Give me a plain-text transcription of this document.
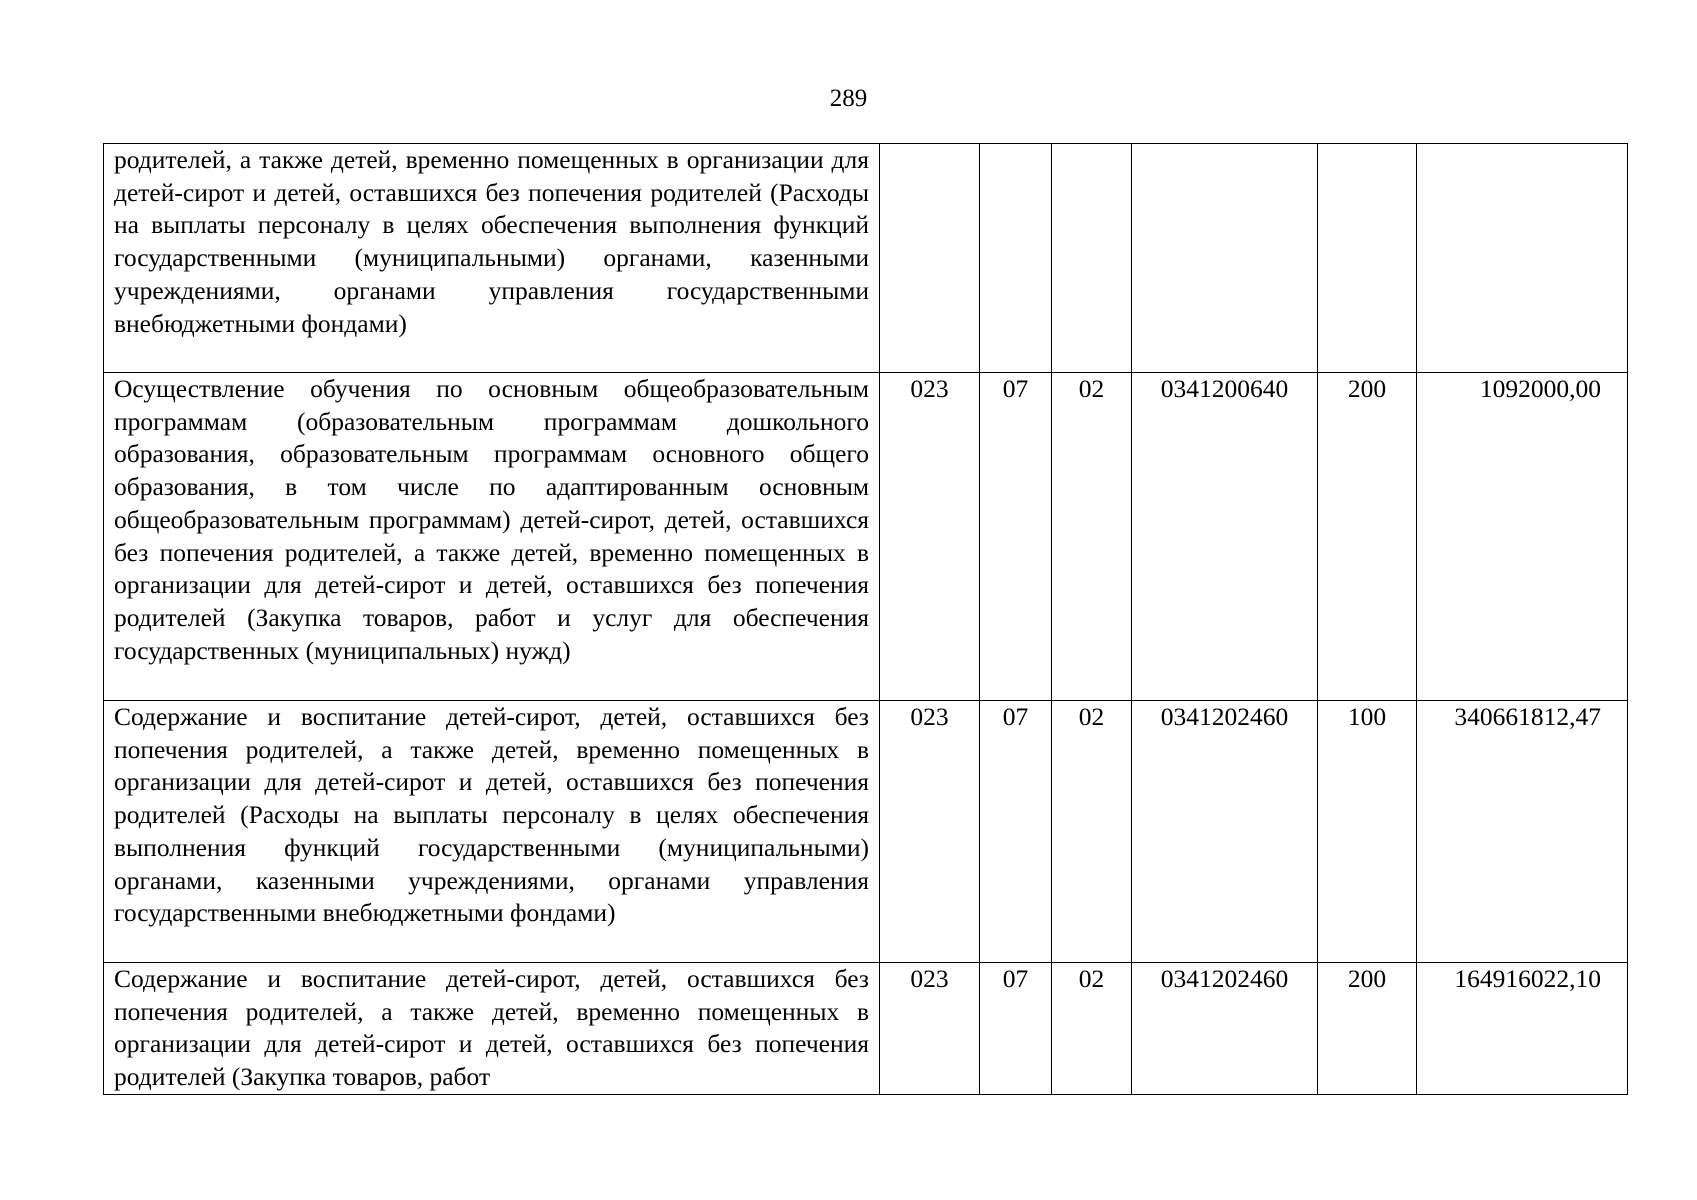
289
родителей, а также детей, временно помещенных в организации для детей-сирот и детей, оставшихся без попечения родителей (Расходы на выплаты персоналу в целях обеспечения выполнения функций государственными (муниципальными) органами, казенными учреждениями, органами управления государственными внебюджетными фондами)						
Осуществление обучения по основным общеобразовательным программам (образовательным программам дошкольного образования, образовательным программам основного общего образования, в том числе по адаптированным основным общеобразовательным программам) детей-сирот, детей, оставшихся без попечения родителей, а также детей, временно помещенных в организации для детей-сирот и детей, оставшихся без попечения родителей (Закупка товаров, работ и услуг для обеспечения государственных (муниципальных) нужд)	023	07	02	0341200640	200	1092000,00
Содержание и воспитание детей-сирот, детей, оставшихся без попечения родителей, а также детей, временно помещенных в организации для детей-сирот и детей, оставшихся без попечения родителей (Расходы на выплаты персоналу в целях обеспечения выполнения функций государственными (муниципальными) органами, казенными учреждениями, органами управления государственными внебюджетными фондами)	023	07	02	0341202460	100	340661812,47
Содержание и воспитание детей-сирот, детей, оставшихся без попечения родителей, а также детей, временно помещенных в организации для детей-сирот и детей, оставшихся без попечения родителей (Закупка товаров, работ	023	07	02	0341202460	200	164916022,10
